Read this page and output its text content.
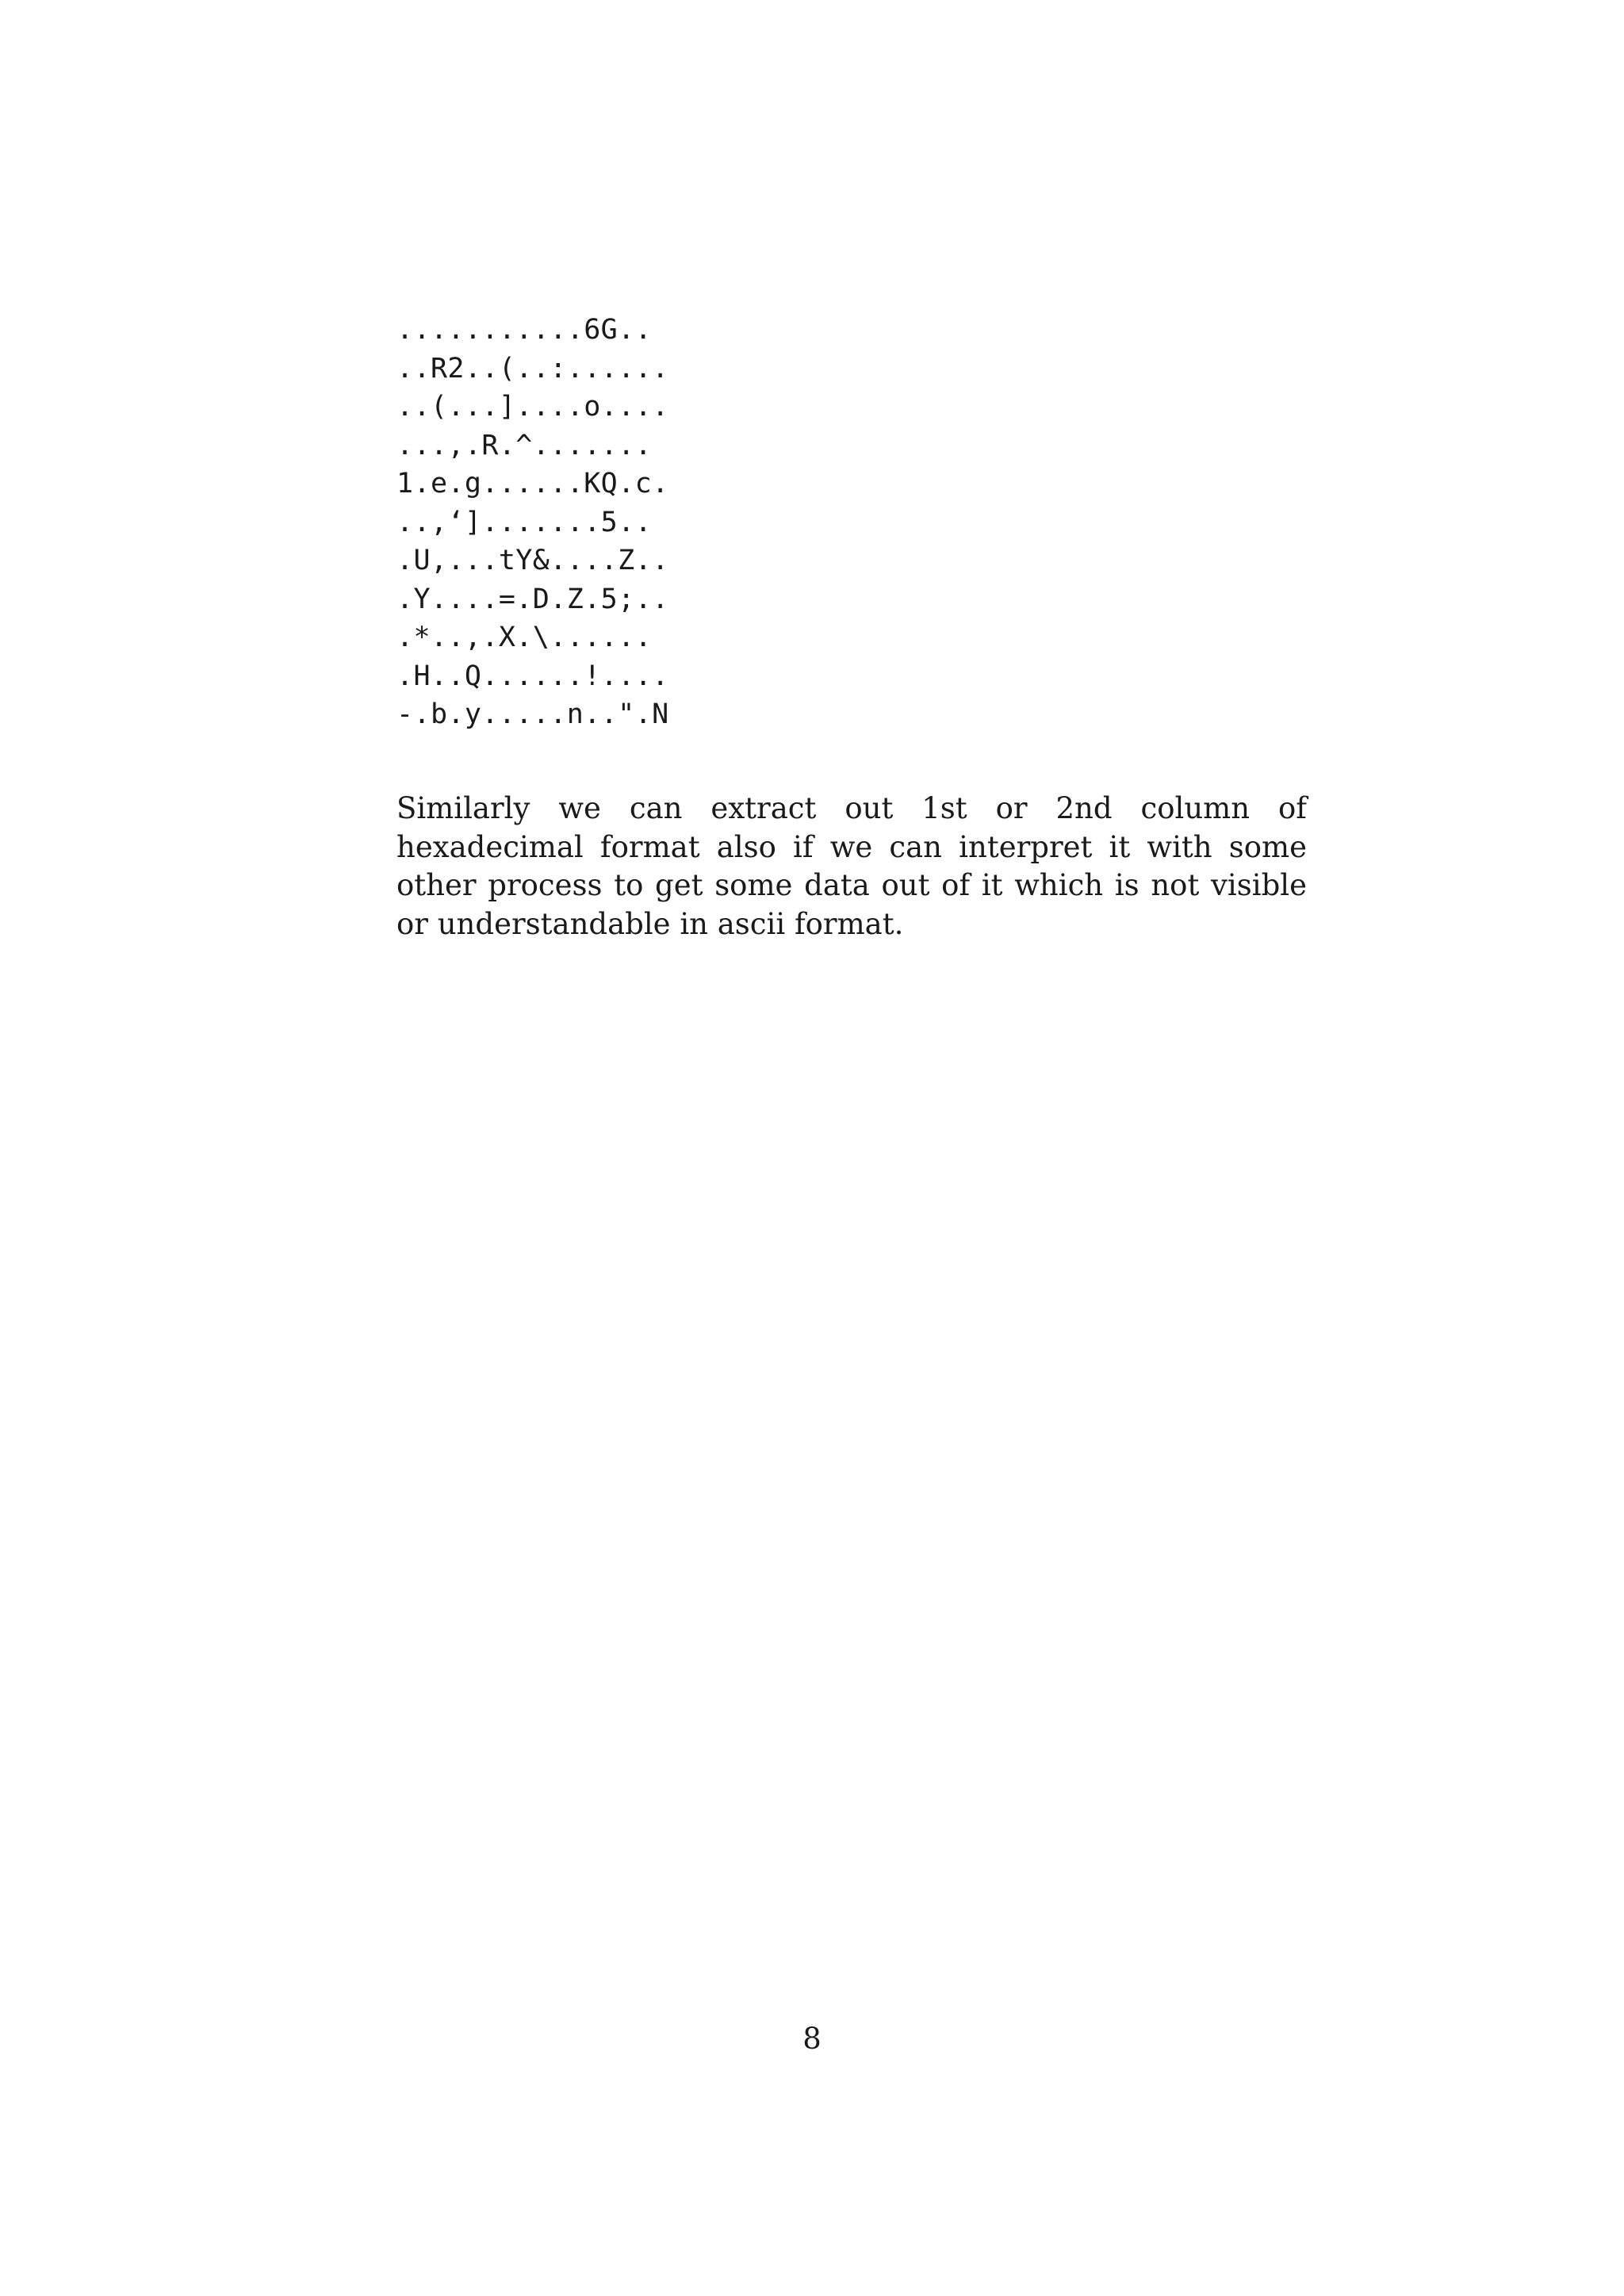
...........6G..
..R2..(..:......
..(...]....o....
...,.R.^.......
1.e.g......KQ.c.
..,‘].......5..
.U,...tY&....Z..
.Y....=.D.Z.5;..
.*..,.X.\......
.H..Q......!....
-.b.y.....n..".N

Similarly we can extract out 1st or 2nd column of hexadecimal format also if we can interpret it with some other process to get some data out of it which is not visible or understandable in ascii format.

8
